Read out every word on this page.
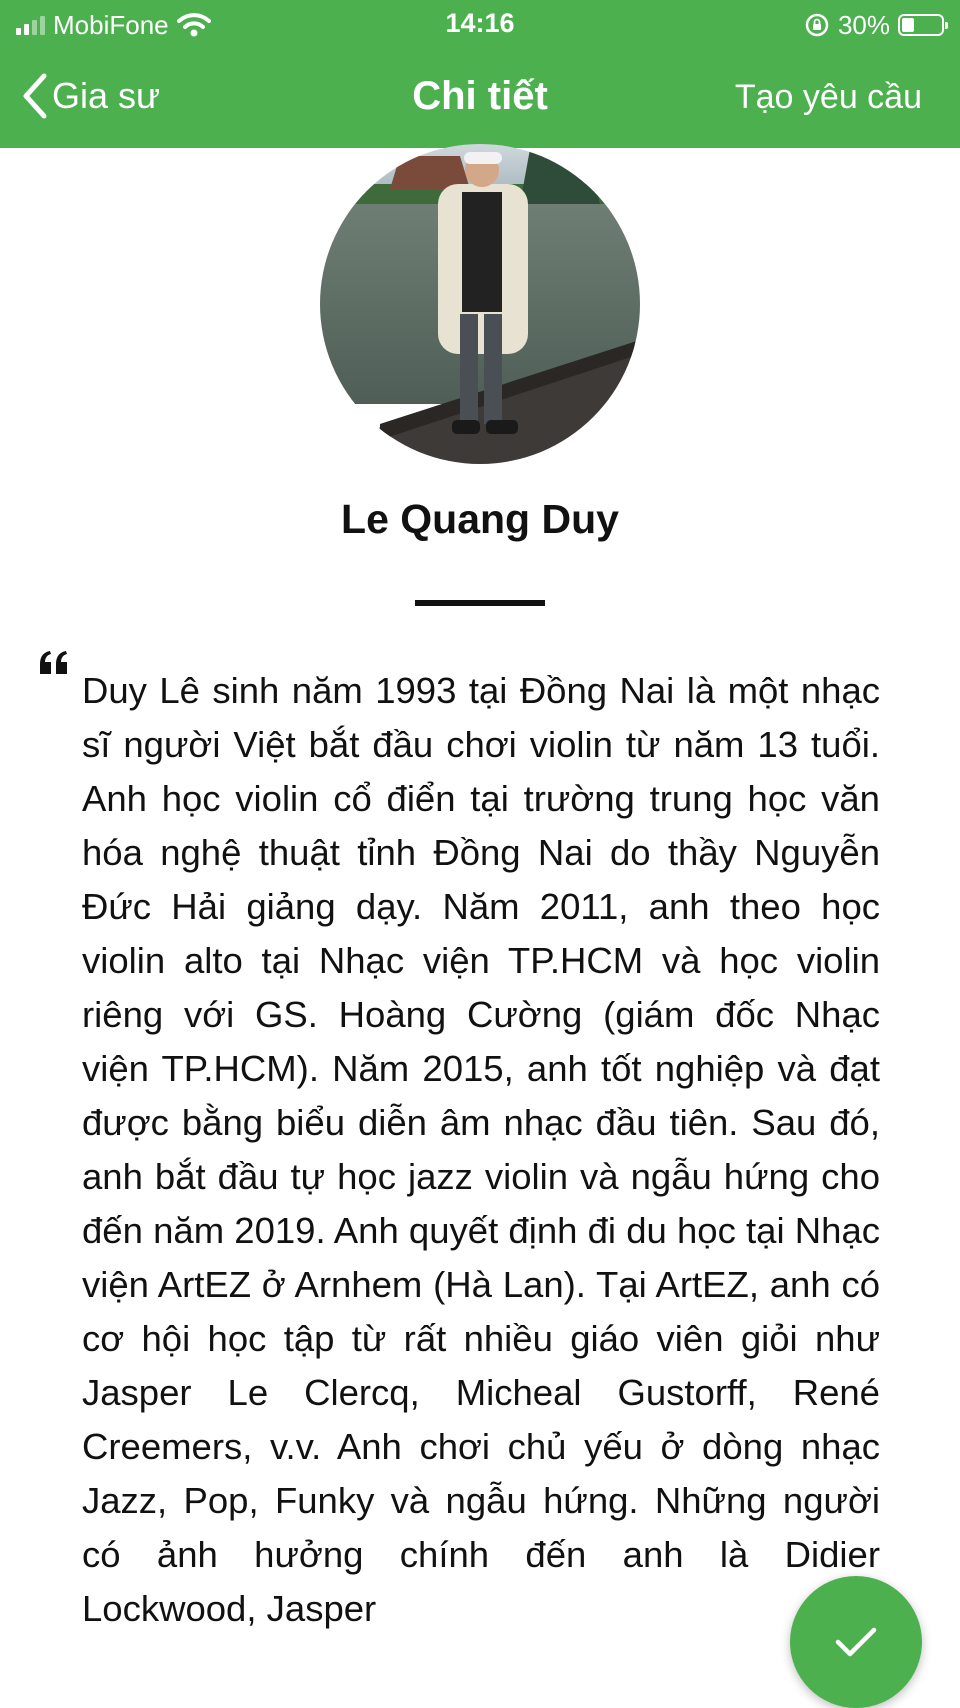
MobiFone	14:16	30%
Gia sư	Chi tiết	Tạo yêu cầu
Le Quang Duy

Duy Lê sinh năm 1993 tại Đồng Nai là một nhạc sĩ người Việt bắt đầu chơi violin từ năm 13 tuổi. Anh học violin cổ điển tại trường trung học văn hóa nghệ thuật tỉnh Đồng Nai do thầy Nguyễn Đức Hải giảng dạy. Năm 2011, anh theo học violin alto tại Nhạc viện TP.HCM và học violin riêng với GS. Hoàng Cường (giám đốc Nhạc viện TP.HCM). Năm 2015, anh tốt nghiệp và đạt được bằng biểu diễn âm nhạc đầu tiên. Sau đó, anh bắt đầu tự học jazz violin và ngẫu hứng cho đến năm 2019. Anh quyết định đi du học tại Nhạc viện ArtEZ ở Arnhem (Hà Lan). Tại ArtEZ, anh có cơ hội học tập từ rất nhiều giáo viên giỏi như Jasper Le Clercq, Micheal Gustorff, René Creemers, v.v. Anh chơi chủ yếu ở dòng nhạc Jazz, Pop, Funky và ngẫu hứng. Những người có ảnh hưởng chính đến anh là Didier Lockwood, Jasper
